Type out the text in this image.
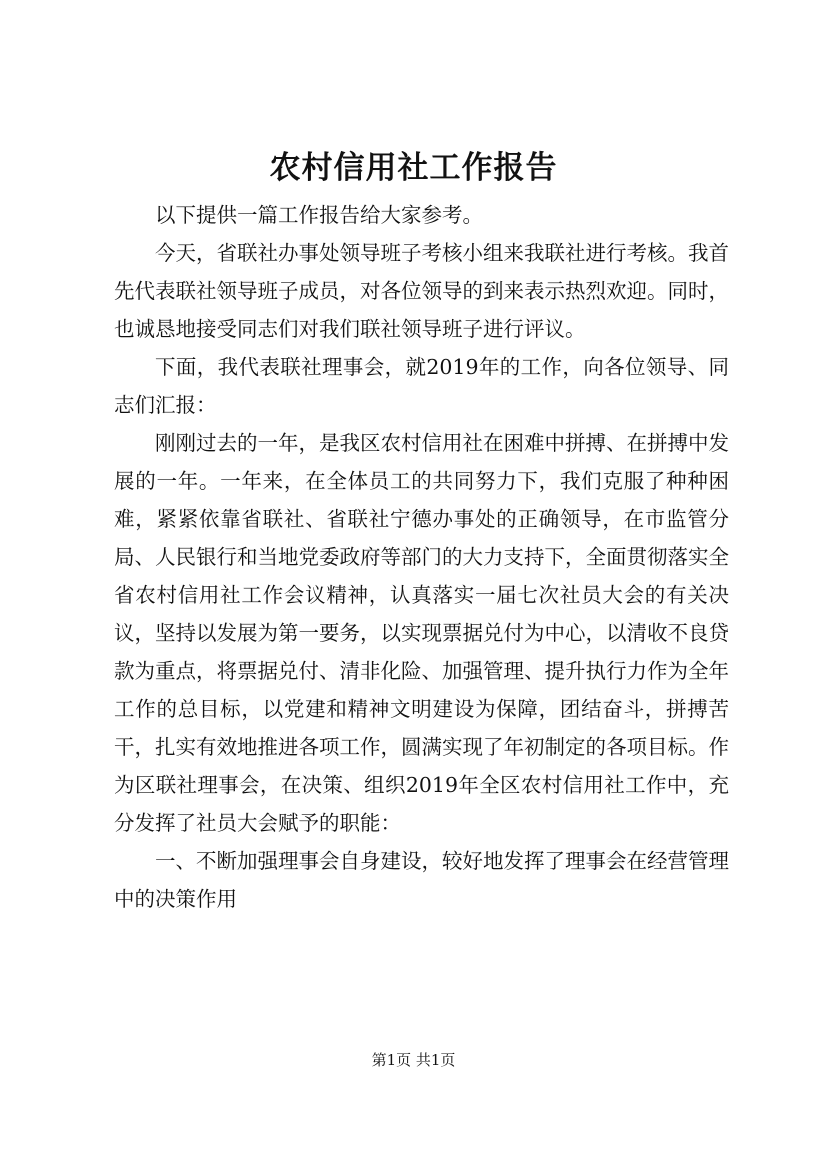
农村信用社工作报告

以下提供一篇工作报告给大家参考。

今天，省联社办事处领导班子考核小组来我联社进行考核。我首先代表联社领导班子成员，对各位领导的到来表示热烈欢迎。同时，也诚恳地接受同志们对我们联社领导班子进行评议。

下面，我代表联社理事会，就2019年的工作，向各位领导、同志们汇报：

刚刚过去的一年，是我区农村信用社在困难中拼搏、在拼搏中发展的一年。一年来，在全体员工的共同努力下，我们克服了种种困难，紧紧依靠省联社、省联社宁德办事处的正确领导，在市监管分局、人民银行和当地党委政府等部门的大力支持下，全面贯彻落实全省农村信用社工作会议精神，认真落实一届七次社员大会的有关决议，坚持以发展为第一要务，以实现票据兑付为中心，以清收不良贷款为重点，将票据兑付、清非化险、加强管理、提升执行力作为全年工作的总目标，以党建和精神文明建设为保障，团结奋斗，拼搏苦干，扎实有效地推进各项工作，圆满实现了年初制定的各项目标。作为区联社理事会，在决策、组织2019年全区农村信用社工作中，充分发挥了社员大会赋予的职能：

一、不断加强理事会自身建设，较好地发挥了理事会在经营管理中的决策作用

第1页 共1页
